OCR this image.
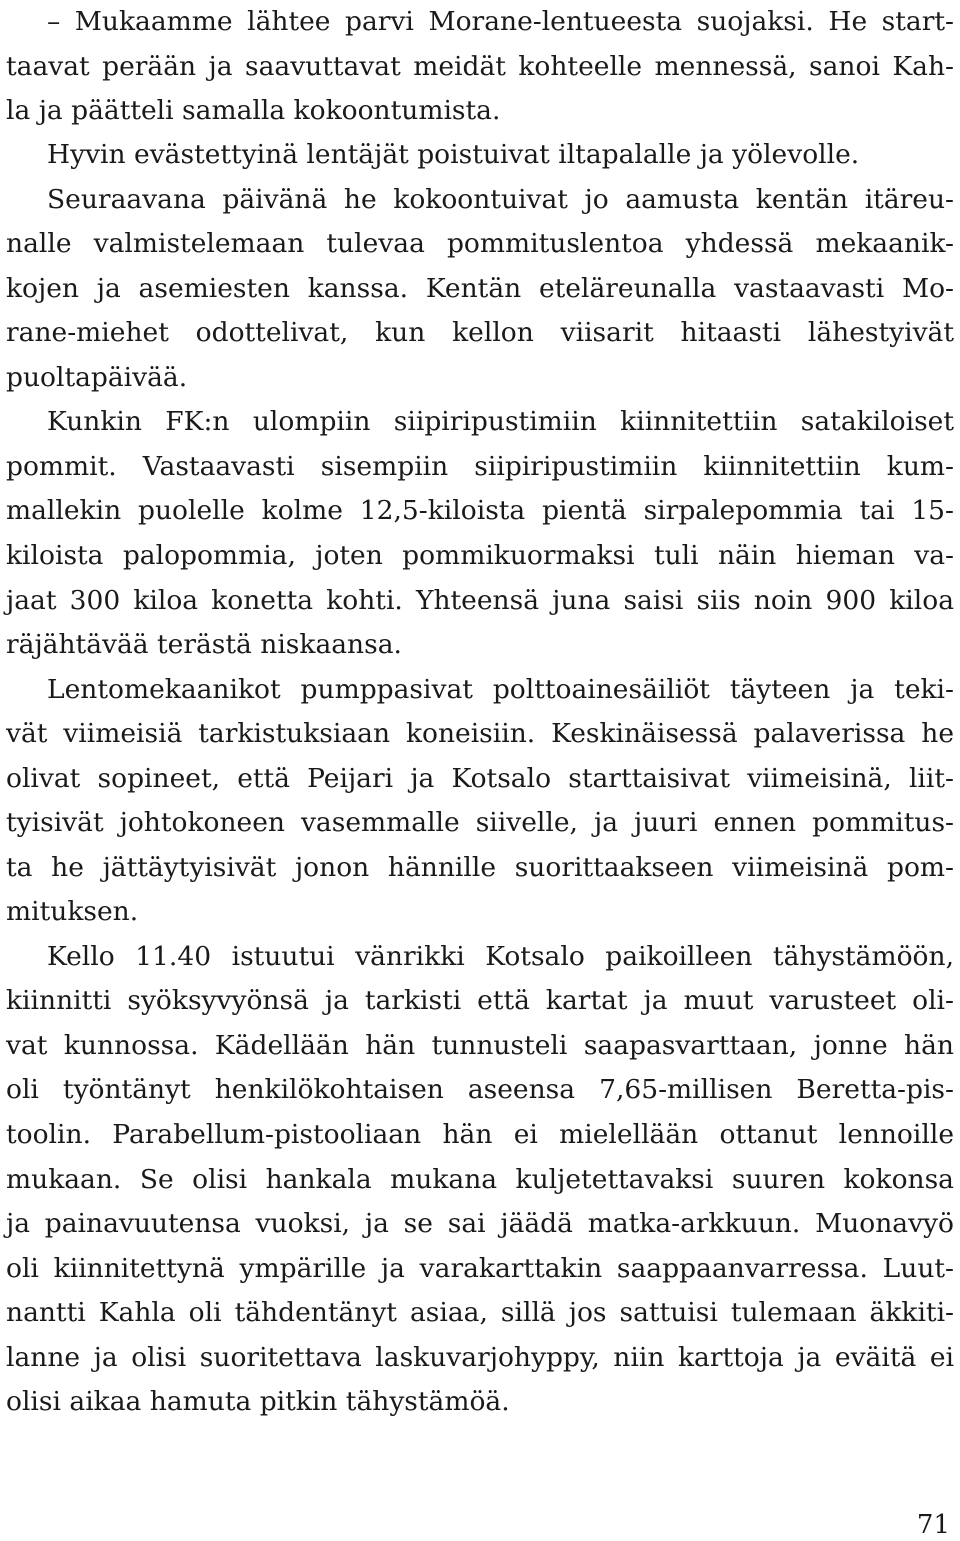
– Mukaamme lähtee parvi Morane-lentueesta suojaksi. He start-
taavat perään ja saavuttavat meidät kohteelle mennessä, sanoi Kah-
la ja päätteli samalla kokoontumista.
Hyvin evästettyinä lentäjät poistuivat iltapalalle ja yölevolle.
Seuraavana päivänä he kokoontuivat jo aamusta kentän itäreu-
nalle valmistelemaan tulevaa pommituslentoa yhdessä mekaanik-
kojen ja asemiesten kanssa. Kentän eteläreunalla vastaavasti Mo-
rane-miehet odottelivat, kun kellon viisarit hitaasti lähestyivät
puoltapäivää.
Kunkin FK:n ulompiin siipiripustimiin kiinnitettiin satakiloiset
pommit. Vastaavasti sisempiin siipiripustimiin kiinnitettiin kum-
mallekin puolelle kolme 12,5-kiloista pientä sirpalepommia tai 15-
kiloista palopommia, joten pommikuormaksi tuli näin hieman va-
jaat 300 kiloa konetta kohti. Yhteensä juna saisi siis noin 900 kiloa
räjähtävää terästä niskaansa.
Lentomekaanikot pumppasivat polttoainesäiliöt täyteen ja teki-
vät viimeisiä tarkistuksiaan koneisiin. Keskinäisessä palaverissa he
olivat sopineet, että Peijari ja Kotsalo starttaisivat viimeisinä, liit-
tyisivät johtokoneen vasemmalle siivelle, ja juuri ennen pommitus-
ta he jättäytyisivät jonon hännille suorittaakseen viimeisinä pom-
mituksen.
Kello 11.40 istuutui vänrikki Kotsalo paikoilleen tähystämöön,
kiinnitti syöksyvyönsä ja tarkisti että kartat ja muut varusteet oli-
vat kunnossa. Kädellään hän tunnusteli saapasvarttaan, jonne hän
oli työntänyt henkilökohtaisen aseensa 7,65-millisen Beretta-pis-
toolin. Parabellum-pistooliaan hän ei mielellään ottanut lennoille
mukaan. Se olisi hankala mukana kuljetettavaksi suuren kokonsa
ja painavuutensa vuoksi, ja se sai jäädä matka-arkkuun. Muonavyö
oli kiinnitettynä ympärille ja varakarttakin saappaanvarressa. Luut-
nantti Kahla oli tähdentänyt asiaa, sillä jos sattuisi tulemaan äkkiti-
lanne ja olisi suoritettava laskuvarjohyppy, niin karttoja ja eväitä ei
olisi aikaa hamuta pitkin tähystämöä.
71
